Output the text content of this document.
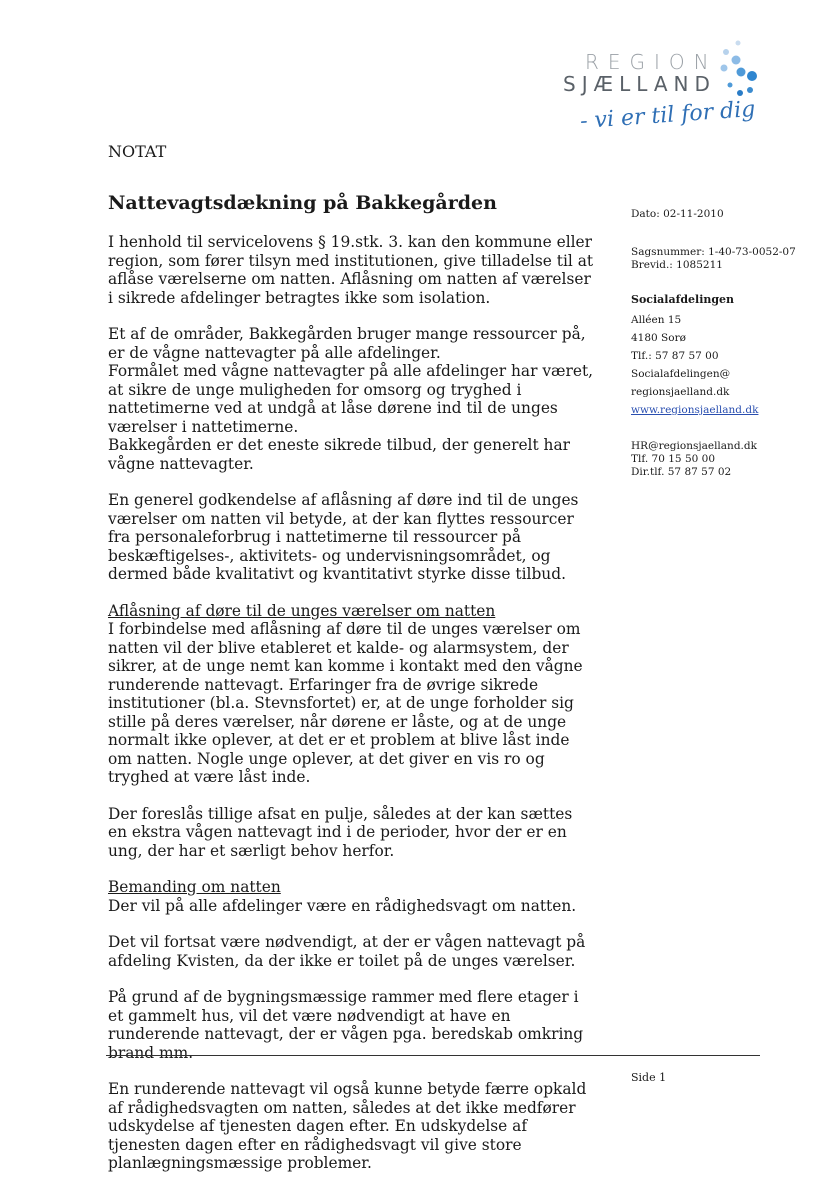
REGION
SJÆLLAND
- vi er til for dig
NOTAT
Nattevagtsdækning på Bakkegården	Dato: 02-11-2010
Sagsnummer: 1-40-73-0052-07
Brevid.: 1085211
Socialafdelingen
Alléen 15
4180 Sorø
Tlf.: 57 87 57 00
Socialafdelingen@
regionsjaelland.dk
www.regionsjaelland.dk
HR@regionsjaelland.dk
Tlf. 70 15 50 00
Dir.tlf. 57 87 57 02

I henhold til servicelovens § 19.stk. 3. kan den kommune eller region, som fører tilsyn med institutionen, give tilladelse til at aflåse værelserne om natten. Aflåsning om natten af værelser i sikrede afdelinger betragtes ikke som isolation.

Et af de områder, Bakkegården bruger mange ressourcer på, er de vågne nattevagter på alle afdelinger.

Formålet med vågne nattevagter på alle afdelinger har været, at sikre de unge muligheden for omsorg og tryghed i nattetimerne ved at undgå at låse dørene ind til de unges værelser i nattetimerne.

Bakkegården er det eneste sikrede tilbud, der generelt har vågne nattevagter.

En generel godkendelse af aflåsning af døre ind til de unges værelser om natten vil betyde, at der kan flyttes ressourcer fra personaleforbrug i nattetimerne til ressourcer på beskæftigelses-, aktivitets- og undervisningsområdet, og dermed både kvalitativt og kvantitativt styrke disse tilbud.

Aflåsning af døre til de unges værelser om natten
I forbindelse med aflåsning af døre til de unges værelser om natten vil der blive etableret et kalde- og alarmsystem, der sikrer, at de unge nemt kan komme i kontakt med den vågne runderende nattevagt. Erfaringer fra de øvrige sikrede institutioner (bl.a. Stevnsfortet) er, at de unge forholder sig stille på deres værelser, når dørene er låste, og at de unge normalt ikke oplever, at det er et problem at blive låst inde om natten. Nogle unge oplever, at det giver en vis ro og tryghed at være låst inde.

Der foreslås tillige afsat en pulje, således at der kan sættes en ekstra vågen nattevagt ind i de perioder, hvor der er en ung, der har et særligt behov herfor.

Bemanding om natten
Der vil på alle afdelinger være en rådighedsvagt om natten.

Det vil fortsat være nødvendigt, at der er vågen nattevagt på afdeling Kvisten, da der ikke er toilet på de unges værelser.

På grund af de bygningsmæssige rammer med flere etager i et gammelt hus, vil det være nødvendigt at have en runderende nattevagt, der er vågen pga. beredskab omkring brand mm.

En runderende nattevagt vil også kunne betyde færre opkald af rådighedsvagten om natten, således at det ikke medfører udskydelse af tjenesten dagen efter. En udskydelse af tjenesten dagen efter en rådighedsvagt vil give store planlægningsmæssige problemer.

Side 1
